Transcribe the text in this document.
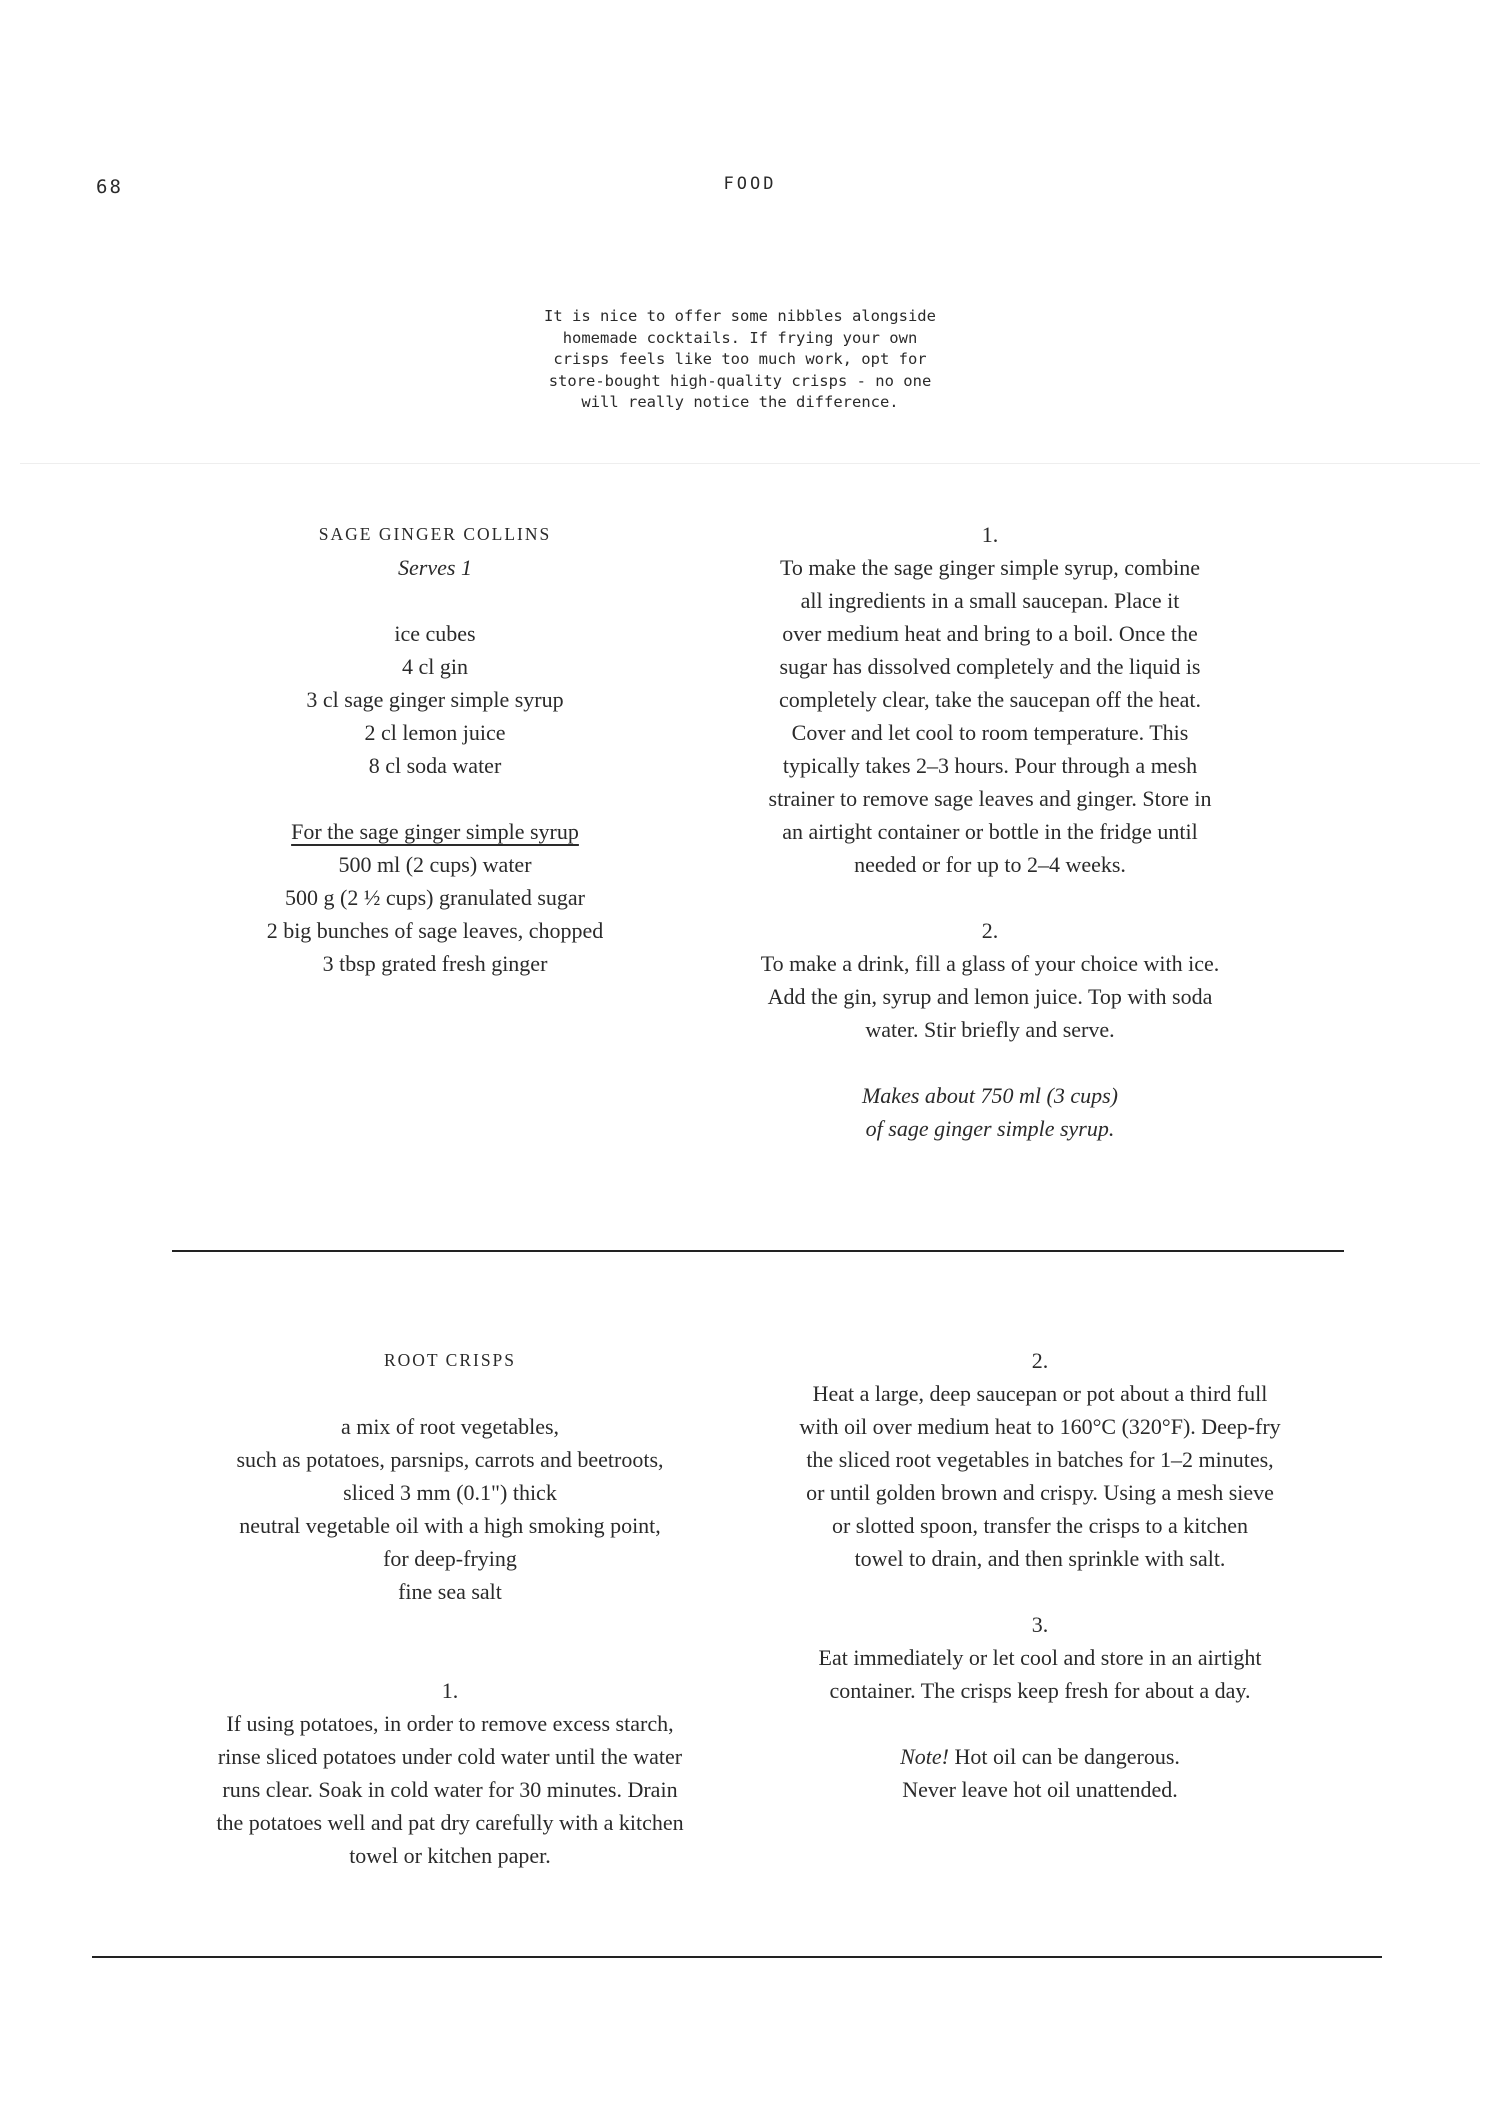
68	FOOD
It is nice to offer some nibbles alongside
homemade cocktails. If frying your own
crisps feels like too much work, opt for
store-bought high-quality crisps - no one
will really notice the difference.

SAGE GINGER COLLINS

Serves 1

ice cubes

4 cl gin

3 cl sage ginger simple syrup

2 cl lemon juice

8 cl soda water

For the sage ginger simple syrup

500 ml (2 cups) water

500 g (2 ½ cups) granulated sugar

2 big bunches of sage leaves, chopped

3 tbsp grated fresh ginger

1.

To make the sage ginger simple syrup, combine

all ingredients in a small saucepan. Place it

over medium heat and bring to a boil. Once the

sugar has dissolved completely and the liquid is

completely clear, take the saucepan off the heat.

Cover and let cool to room temperature. This

typically takes 2–3 hours. Pour through a mesh

strainer to remove sage leaves and ginger. Store in

an airtight container or bottle in the fridge until

needed or for up to 2–4 weeks.

2.

To make a drink, fill a glass of your choice with ice.

Add the gin, syrup and lemon juice. Top with soda

water. Stir briefly and serve.

Makes about 750 ml (3 cups)

of sage ginger simple syrup.

ROOT CRISPS

a mix of root vegetables,

such as potatoes, parsnips, carrots and beetroots,

sliced 3 mm (0.1") thick

neutral vegetable oil with a high smoking point,

for deep-frying

fine sea salt

1.

If using potatoes, in order to remove excess starch,

rinse sliced potatoes under cold water until the water

runs clear. Soak in cold water for 30 minutes. Drain

the potatoes well and pat dry carefully with a kitchen

towel or kitchen paper.

2.

Heat a large, deep saucepan or pot about a third full

with oil over medium heat to 160°C (320°F). Deep-fry

the sliced root vegetables in batches for 1–2 minutes,

or until golden brown and crispy. Using a mesh sieve

or slotted spoon, transfer the crisps to a kitchen

towel to drain, and then sprinkle with salt.

3.

Eat immediately or let cool and store in an airtight

container. The crisps keep fresh for about a day.

Note! Hot oil can be dangerous.

Never leave hot oil unattended.
